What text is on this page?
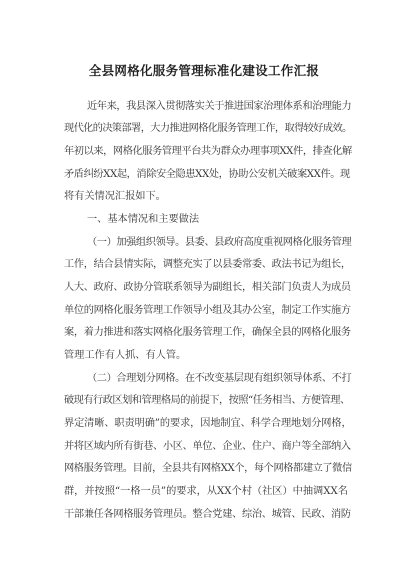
全县网格化服务管理标准化建设工作汇报
近年来，我县深入贯彻落实关于推进国家治理体系和治理能力
现代化的决策部署，大力推进网格化服务管理工作，取得较好成效。
年初以来，网格化服务管理平台共为群众办理事项XX件，排查化解
矛盾纠纷XX起，消除安全隐患XX处，协助公安机关破案XX件。现
将有关情况汇报如下。
一、基本情况和主要做法
（一）加强组织领导。县委、县政府高度重视网格化服务管理
工作，结合县情实际，调整充实了以县委常委、政法书记为组长，
人大、政府、政协分管联系领导为副组长，相关部门负责人为成员
单位的网格化服务管理工作领导小组及其办公室，制定工作实施方
案，着力推进和落实网格化服务管理工作，确保全县的网格化服务
管理工作有人抓、有人管。
（二）合理划分网格。在不改变基层现有组织领导体系、不打
破现有行政区划和管理格局的前提下，按照“任务相当、方便管理、
界定清晰、职责明确”的要求，因地制宜、科学合理地划分网格，
并将区域内所有街巷、小区、单位、企业、住户、商户等全部纳入
网格服务管理。目前，全县共有网格XX个，每个网格都建立了微信
群，并按照“一格一员”的要求，从XX个村（社区）中抽调XX名
干部兼任各网格服务管理员。整合党建、综治、城管、民政、消防
